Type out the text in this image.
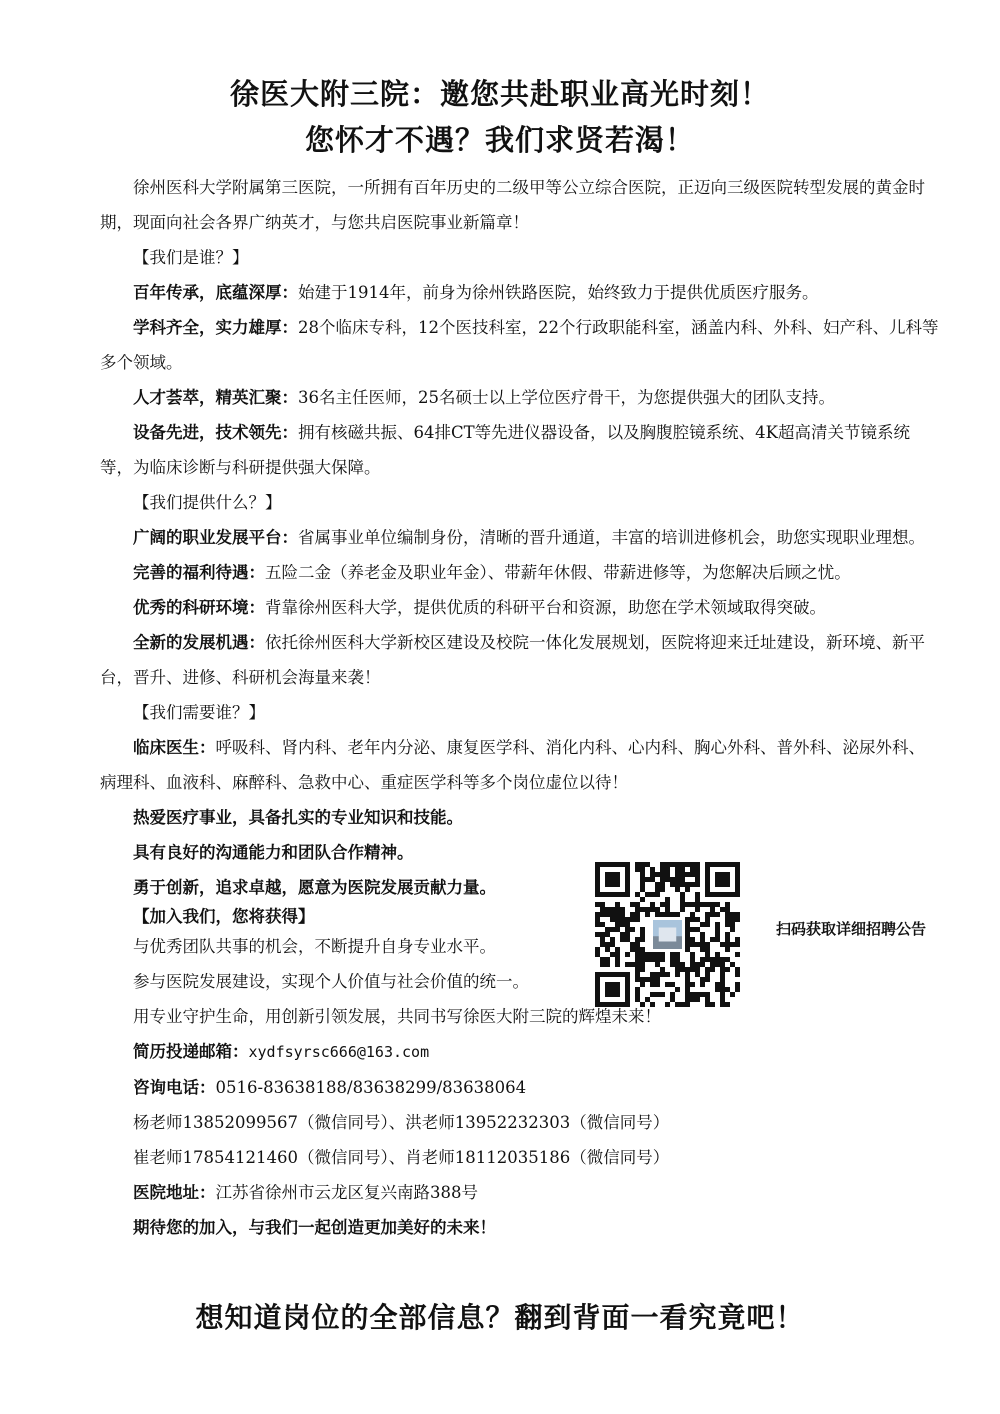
徐医大附三院：邀您共赴职业高光时刻！
您怀才不遇？我们求贤若渴！

徐州医科大学附属第三医院，一所拥有百年历史的二级甲等公立综合医院，正迈向三级医院转型发展的黄金时期，现面向社会各界广纳英才，与您共启医院事业新篇章！

【我们是谁？】

百年传承，底蕴深厚：始建于1914年，前身为徐州铁路医院，始终致力于提供优质医疗服务。

学科齐全，实力雄厚：28个临床专科，12个医技科室，22个行政职能科室，涵盖内科、外科、妇产科、儿科等多个领域。

人才荟萃，精英汇聚：36名主任医师，25名硕士以上学位医疗骨干，为您提供强大的团队支持。

设备先进，技术领先：拥有核磁共振、64排CT等先进仪器设备，以及胸腹腔镜系统、4K超高清关节镜系统等，为临床诊断与科研提供强大保障。

【我们提供什么？】

广阔的职业发展平台：省属事业单位编制身份，清晰的晋升通道，丰富的培训进修机会，助您实现职业理想。

完善的福利待遇：五险二金（养老金及职业年金）、带薪年休假、带薪进修等，为您解决后顾之忧。

优秀的科研环境：背靠徐州医科大学，提供优质的科研平台和资源，助您在学术领域取得突破。

全新的发展机遇：依托徐州医科大学新校区建设及校院一体化发展规划，医院将迎来迁址建设，新环境、新平台，晋升、进修、科研机会海量来袭！

【我们需要谁？】

临床医生：呼吸科、肾内科、老年内分泌、康复医学科、消化内科、心内科、胸心外科、普外科、泌尿外科、病理科、血液科、麻醉科、急救中心、重症医学科等多个岗位虚位以待！

热爱医疗事业，具备扎实的专业知识和技能。

具有良好的沟通能力和团队合作精神。

勇于创新，追求卓越，愿意为医院发展贡献力量。

【加入我们，您将获得】

与优秀团队共事的机会，不断提升自身专业水平。

参与医院发展建设，实现个人价值与社会价值的统一。

用专业守护生命，用创新引领发展，共同书写徐医大附三院的辉煌未来！

简历投递邮箱：xydfsyrsc666@163.com

咨询电话：0516-83638188/83638299/83638064

杨老师13852099567（微信同号）、洪老师13952232303（微信同号）

崔老师17854121460（微信同号）、肖老师18112035186（微信同号）

医院地址：江苏省徐州市云龙区复兴南路388号

期待您的加入，与我们一起创造更加美好的未来！

扫码获取详细招聘公告
想知道岗位的全部信息？翻到背面一看究竟吧！
